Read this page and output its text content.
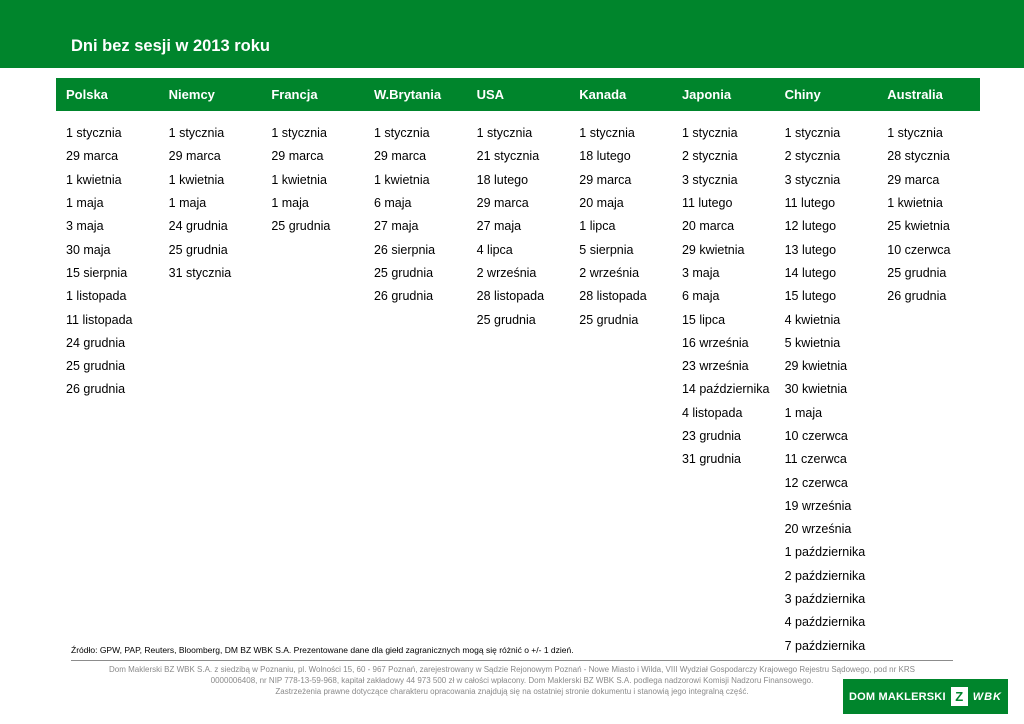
Dni bez sesji w 2013 roku
Polska	Niemcy	Francja	W.Brytania	USA	Kanada	Japonia	Chiny	Australia

1 stycznia	1 stycznia	1 stycznia	1 stycznia	1 stycznia	1 stycznia	1 stycznia	1 stycznia	1 stycznia
29 marca	29 marca	29 marca	29 marca	21 stycznia	18 lutego	2 stycznia	2 stycznia	28 stycznia
1 kwietnia	1 kwietnia	1 kwietnia	1 kwietnia	18 lutego	29 marca	3 stycznia	3 stycznia	29 marca
1 maja	1 maja	1 maja	6 maja	29 marca	20 maja	11 lutego	11 lutego	1 kwietnia
3 maja	24 grudnia	25 grudnia	27 maja	27 maja	1 lipca	20 marca	12 lutego	25 kwietnia
30 maja	25 grudnia		26 sierpnia	4 lipca	5 sierpnia	29 kwietnia	13 lutego	10 czerwca
15 sierpnia	31 stycznia		25 grudnia	2 września	2 września	3 maja	14 lutego	25 grudnia
1 listopada			26 grudnia	28 listopada	28 listopada	6 maja	15 lutego	26 grudnia
11 listopada				25 grudnia	25 grudnia	15 lipca	4 kwietnia	
24 grudnia						16 września	5 kwietnia	
25 grudnia						23 września	29 kwietnia	
26 grudnia						14 października	30 kwietnia	
						4 listopada	1 maja	
						23 grudnia	10 czerwca	
						31 grudnia	11 czerwca	
							12 czerwca	
							19 września	
							20 września	
							1 października	
							2 października	
							3 października	
							4 października	
							7 października	
Źródło: GPW, PAP, Reuters, Bloomberg, DM BZ WBK S.A. Prezentowane dane dla giełd zagranicznych mogą się różnić o +/- 1 dzień.
Dom Maklerski BZ WBK S.A. z siedzibą w Poznaniu, pl. Wolności 15, 60 - 967 Poznań, zarejestrowany w Sądzie Rejonowym Poznań - Nowe Miasto i Wilda, VIII Wydział Gospodarczy Krajowego Rejestru Sądowego, pod nr KRS
0000006408, nr NIP 778-13-59-968, kapitał zakładowy 44 973 500 zł w całości wpłacony. Dom Maklerski BZ WBK S.A. podlega nadzorowi Komisji Nadzoru Finansowego.
Zastrzeżenia prawne dotyczące charakteru opracowania znajdują się na ostatniej stronie dokumentu i stanowią jego integralną część.	DOM MAKLERSKI Z WBK
